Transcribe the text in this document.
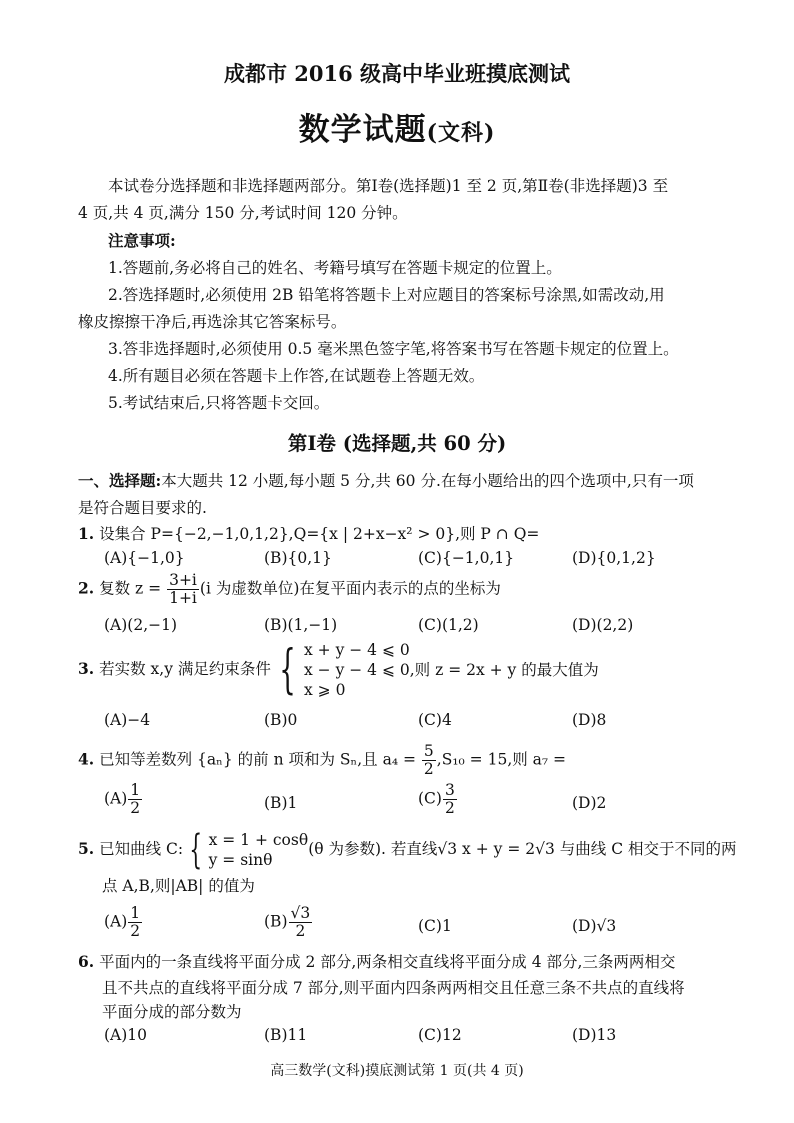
成都市 2016 级高中毕业班摸底测试
数学试题(文科)
本试卷分选择题和非选择题两部分。第Ⅰ卷(选择题)1 至 2 页,第Ⅱ卷(非选择题)3 至
4 页,共 4 页,满分 150 分,考试时间 120 分钟。
注意事项:
1.答题前,务必将自己的姓名、考籍号填写在答题卡规定的位置上。
2.答选择题时,必须使用 2B 铅笔将答题卡上对应题目的答案标号涂黑,如需改动,用
橡皮擦擦干净后,再选涂其它答案标号。
3.答非选择题时,必须使用 0.5 毫米黑色签字笔,将答案书写在答题卡规定的位置上。
4.所有题目必须在答题卡上作答,在试题卷上答题无效。
5.考试结束后,只将答题卡交回。
第Ⅰ卷 (选择题,共 60 分)
一、选择题:本大题共 12 小题,每小题 5 分,共 60 分.在每小题给出的四个选项中,只有一项
是符合题目要求的.
1. 设集合 P={−2,−1,0,1,2},Q={x | 2+x−x² > 0},则 P ∩ Q=
(A){−1,0}	(B){0,1}	(C){−1,0,1}	(D){0,1,2}
2. 复数 $z = \frac{3+i}{1+i} (i$ 为虚数单位)在复平面内表示的点的坐标为
(A)(2,−1)	(B)(1,−1)	(C)(1,2)	(D)(2,2)
3. 若实数 x,y 满足约束条件 { x + y − 4 ⩽ 0
x − y − 4 ⩽ 0,则 z = 2x + y 的最大值为
x ⩾ 0
(A)−4	(B)0	(C)4	(D)8
4. 已知等差数列 {aₙ} 的前 n 项和为 Sₙ,且 $a_4 = \frac{5}{2} ,S_{10} = 15$,则 a₇ =
$(A) \frac{1}{2}$	(B)1	$(C) \frac{3}{2}$	(D)2
5. 已知曲线 C: { x = 1 + cosθ
y = sinθ
(θ 为参数). 若直线√3 x + y = 2√3 与曲线 C 相交于不同的两
点 A,B,则|AB| 的值为
$(A) \frac{1}{2}$	$(B) \frac{√3}{2}$	(C)1	(D)√3
6. 平面内的一条直线将平面分成 2 部分,两条相交直线将平面分成 4 部分,三条两两相交
且不共点的直线将平面分成 7 部分,则平面内四条两两相交且任意三条不共点的直线将
平面分成的部分数为
(A)10	(B)11	(C)12	(D)13
高三数学(文科)摸底测试第 1 页(共 4 页)
